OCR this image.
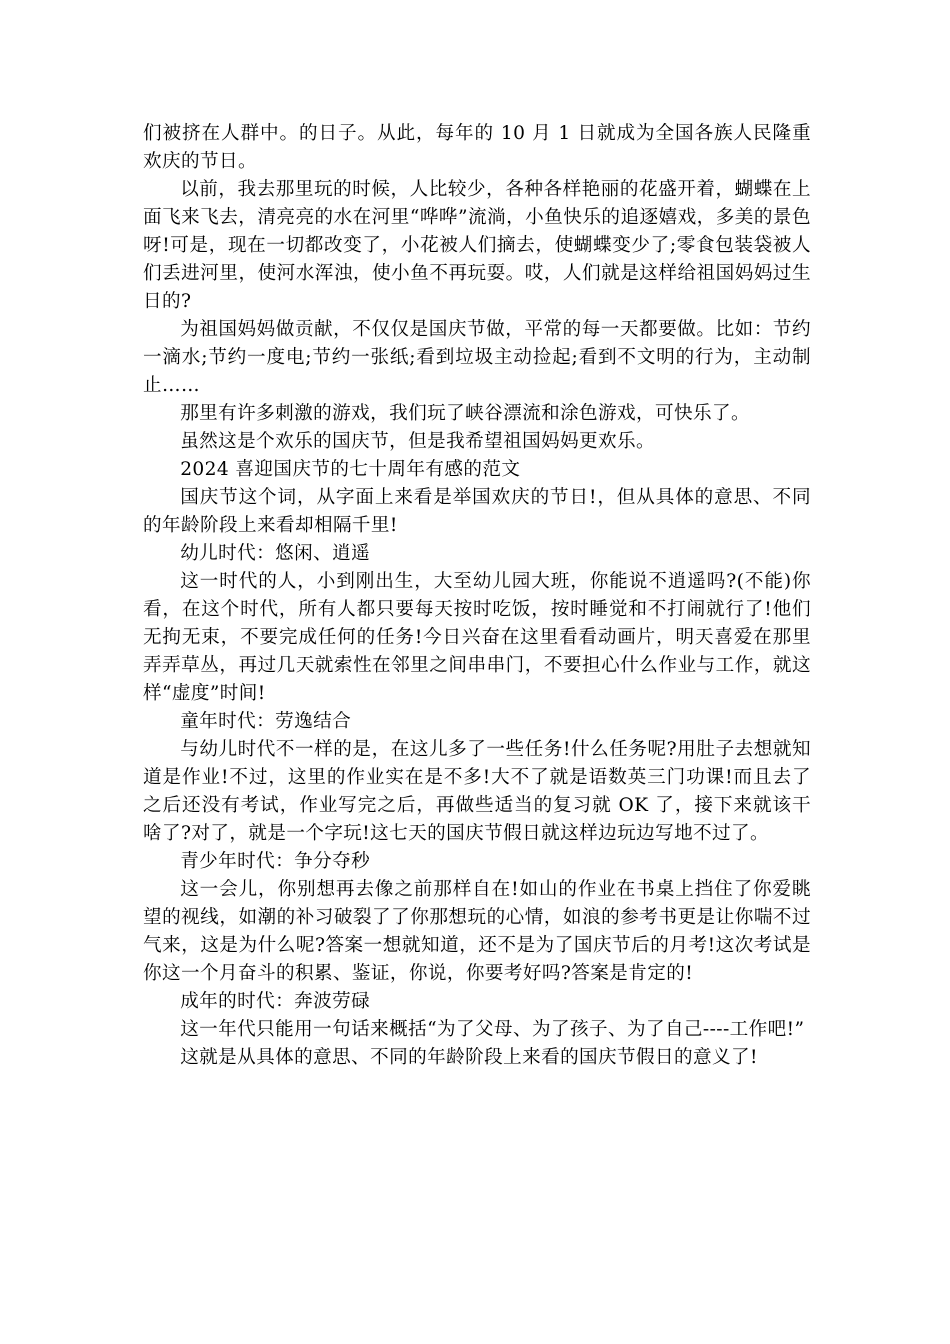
们被挤在人群中。的日子。从此，每年的 10 月 1 日就成为全国各族人民隆重欢庆的节日。

以前，我去那里玩的时候，人比较少，各种各样艳丽的花盛开着，蝴蝶在上面飞来飞去，清亮亮的水在河里“哗哗”流淌，小鱼快乐的追逐嬉戏，多美的景色呀!可是，现在一切都改变了，小花被人们摘去，使蝴蝶变少了;零食包装袋被人们丢进河里，使河水浑浊，使小鱼不再玩耍。哎，人们就是这样给祖国妈妈过生日的?

为祖国妈妈做贡献，不仅仅是国庆节做，平常的每一天都要做。比如：节约一滴水;节约一度电;节约一张纸;看到垃圾主动捡起;看到不文明的行为，主动制止……

那里有许多刺激的游戏，我们玩了峡谷漂流和涂色游戏，可快乐了。

虽然这是个欢乐的国庆节，但是我希望祖国妈妈更欢乐。

2024 喜迎国庆节的七十周年有感的范文

国庆节这个词，从字面上来看是举国欢庆的节日!，但从具体的意思、不同的年龄阶段上来看却相隔千里!

幼儿时代：悠闲、逍遥

这一时代的人，小到刚出生，大至幼儿园大班，你能说不逍遥吗?(不能)你看，在这个时代，所有人都只要每天按时吃饭，按时睡觉和不打闹就行了!他们无拘无束，不要完成任何的任务!今日兴奋在这里看看动画片，明天喜爱在那里弄弄草丛，再过几天就索性在邻里之间串串门，不要担心什么作业与工作，就这样“虚度”时间!

童年时代：劳逸结合

与幼儿时代不一样的是，在这儿多了一些任务!什么任务呢?用肚子去想就知道是作业!不过，这里的作业实在是不多!大不了就是语数英三门功课!而且去了之后还没有考试，作业写完之后，再做些适当的复习就 OK 了，接下来就该干啥了?对了，就是一个字玩!这七天的国庆节假日就这样边玩边写地不过了。

青少年时代：争分夺秒

这一会儿，你别想再去像之前那样自在!如山的作业在书桌上挡住了你爱眺望的视线，如潮的补习破裂了了你那想玩的心情，如浪的参考书更是让你喘不过气来，这是为什么呢?答案一想就知道，还不是为了国庆节后的月考!这次考试是你这一个月奋斗的积累、鉴证，你说，你要考好吗?答案是肯定的!

成年的时代：奔波劳碌

这一年代只能用一句话来概括“为了父母、为了孩子、为了自己----工作吧!”

这就是从具体的意思、不同的年龄阶段上来看的国庆节假日的意义了!
